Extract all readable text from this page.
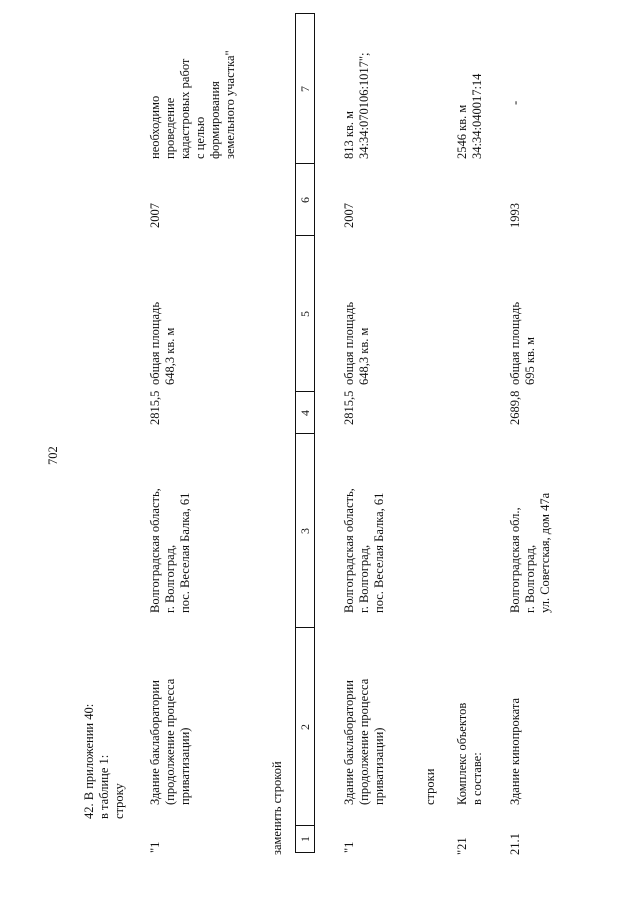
702
42. В приложении 40:
в таблице 1:
строку
"1
Здание баклаборатории
(продолжение процесса
приватизации)
Волгоградская область,
г. Волгоград,
пос. Веселая Балка, 61
2815,5
общая площадь
648,3 кв. м
2007
необходимо
проведение
кадастровых работ
с целью
формирования
земельного участка"
заменить строкой 1
2
3
4
5
6
7
"1
Здание баклаборатории
(продолжение процесса
приватизации)
Волгоградская область,
г. Волгоград,
пос. Веселая Балка, 61
2815,5
общая площадь
648,3 кв. м
2007
813 кв. м
34:34:070106:1017";
строки
"21
Комплекс объектов
в составе:
2546 кв. м
34:34:040017:14
21.1
Здание кинопроката
Волгоградская обл.,
г. Волгоград,
ул. Советская, дом 47а
2689,8
общая площадь
695 кв. м
1993
-
